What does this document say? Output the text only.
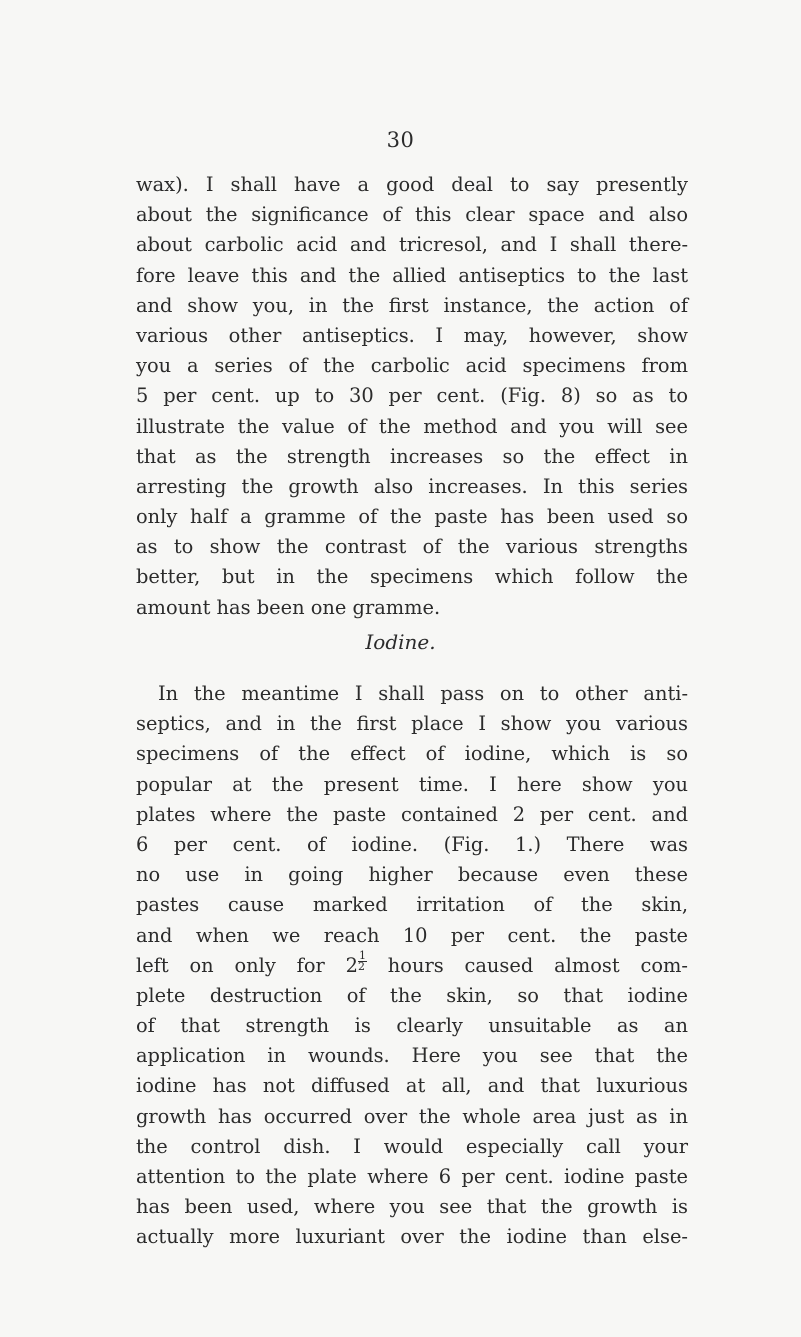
30
wax). I shall have a good deal to say presently
about the significance of this clear space and also
about carbolic acid and tricresol, and I shall there-
fore leave this and the allied antiseptics to the last
and show you, in the first instance, the action of
various other antiseptics. I may, however, show
you a series of the carbolic acid specimens from
5 per cent. up to 30 per cent. (Fig. 8) so as to
illustrate the value of the method and you will see
that as the strength increases so the effect in
arresting the growth also increases. In this series
only half a gramme of the paste has been used so
as to show the contrast of the various strengths
better, but in the specimens which follow the
amount has been one gramme.
Iodine.
In the meantime I shall pass on to other anti-
septics, and in the first place I show you various
specimens of the effect of iodine, which is so
popular at the present time. I here show you
plates where the paste contained 2 per cent. and
6 per cent. of iodine. (Fig. 1.) There was
no use in going higher because even these
pastes cause marked irritation of the skin,
and when we reach 10 per cent. the paste
left on only for $2 \frac{1}{2}$ hours caused almost com-
plete destruction of the skin, so that iodine
of that strength is clearly unsuitable as an
application in wounds. Here you see that the
iodine has not diffused at all, and that luxurious
growth has occurred over the whole area just as in
the control dish. I would especially call your
attention to the plate where 6 per cent. iodine paste
has been used, where you see that the growth is
actually more luxuriant over the iodine than else-
